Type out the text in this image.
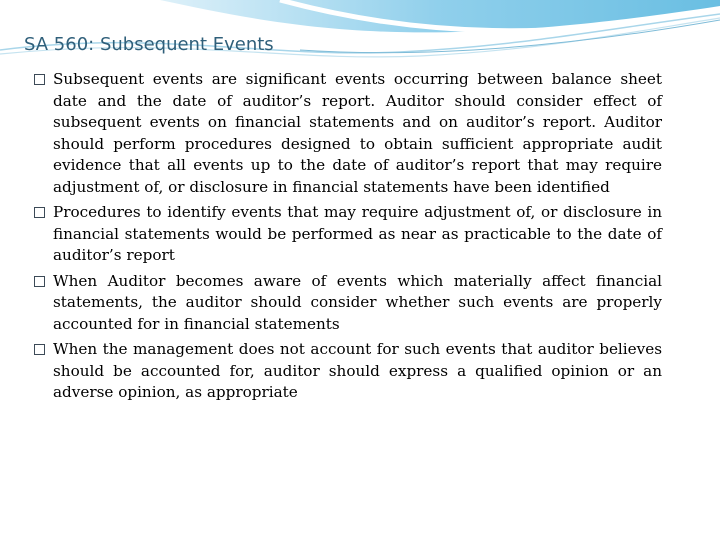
SA 560: Subsequent Events
Subsequent events are significant events occurring between balance sheet date and the date of auditor’s report. Auditor should consider effect of subsequent events on financial statements and on auditor’s report. Auditor should perform procedures designed to obtain sufficient appropriate audit evidence that all events up to the date of auditor’s report that may require adjustment of, or disclosure in financial statements have been identified
Procedures to identify events that may require adjustment of, or disclosure in financial statements would be performed as near as practicable to the date of auditor’s report
When Auditor becomes aware of events which materially affect financial statements, the auditor should consider whether such events are properly accounted for in financial statements
When the management does not account for such events that auditor believes should be accounted for, auditor should express a qualified opinion or an adverse opinion, as appropriate
